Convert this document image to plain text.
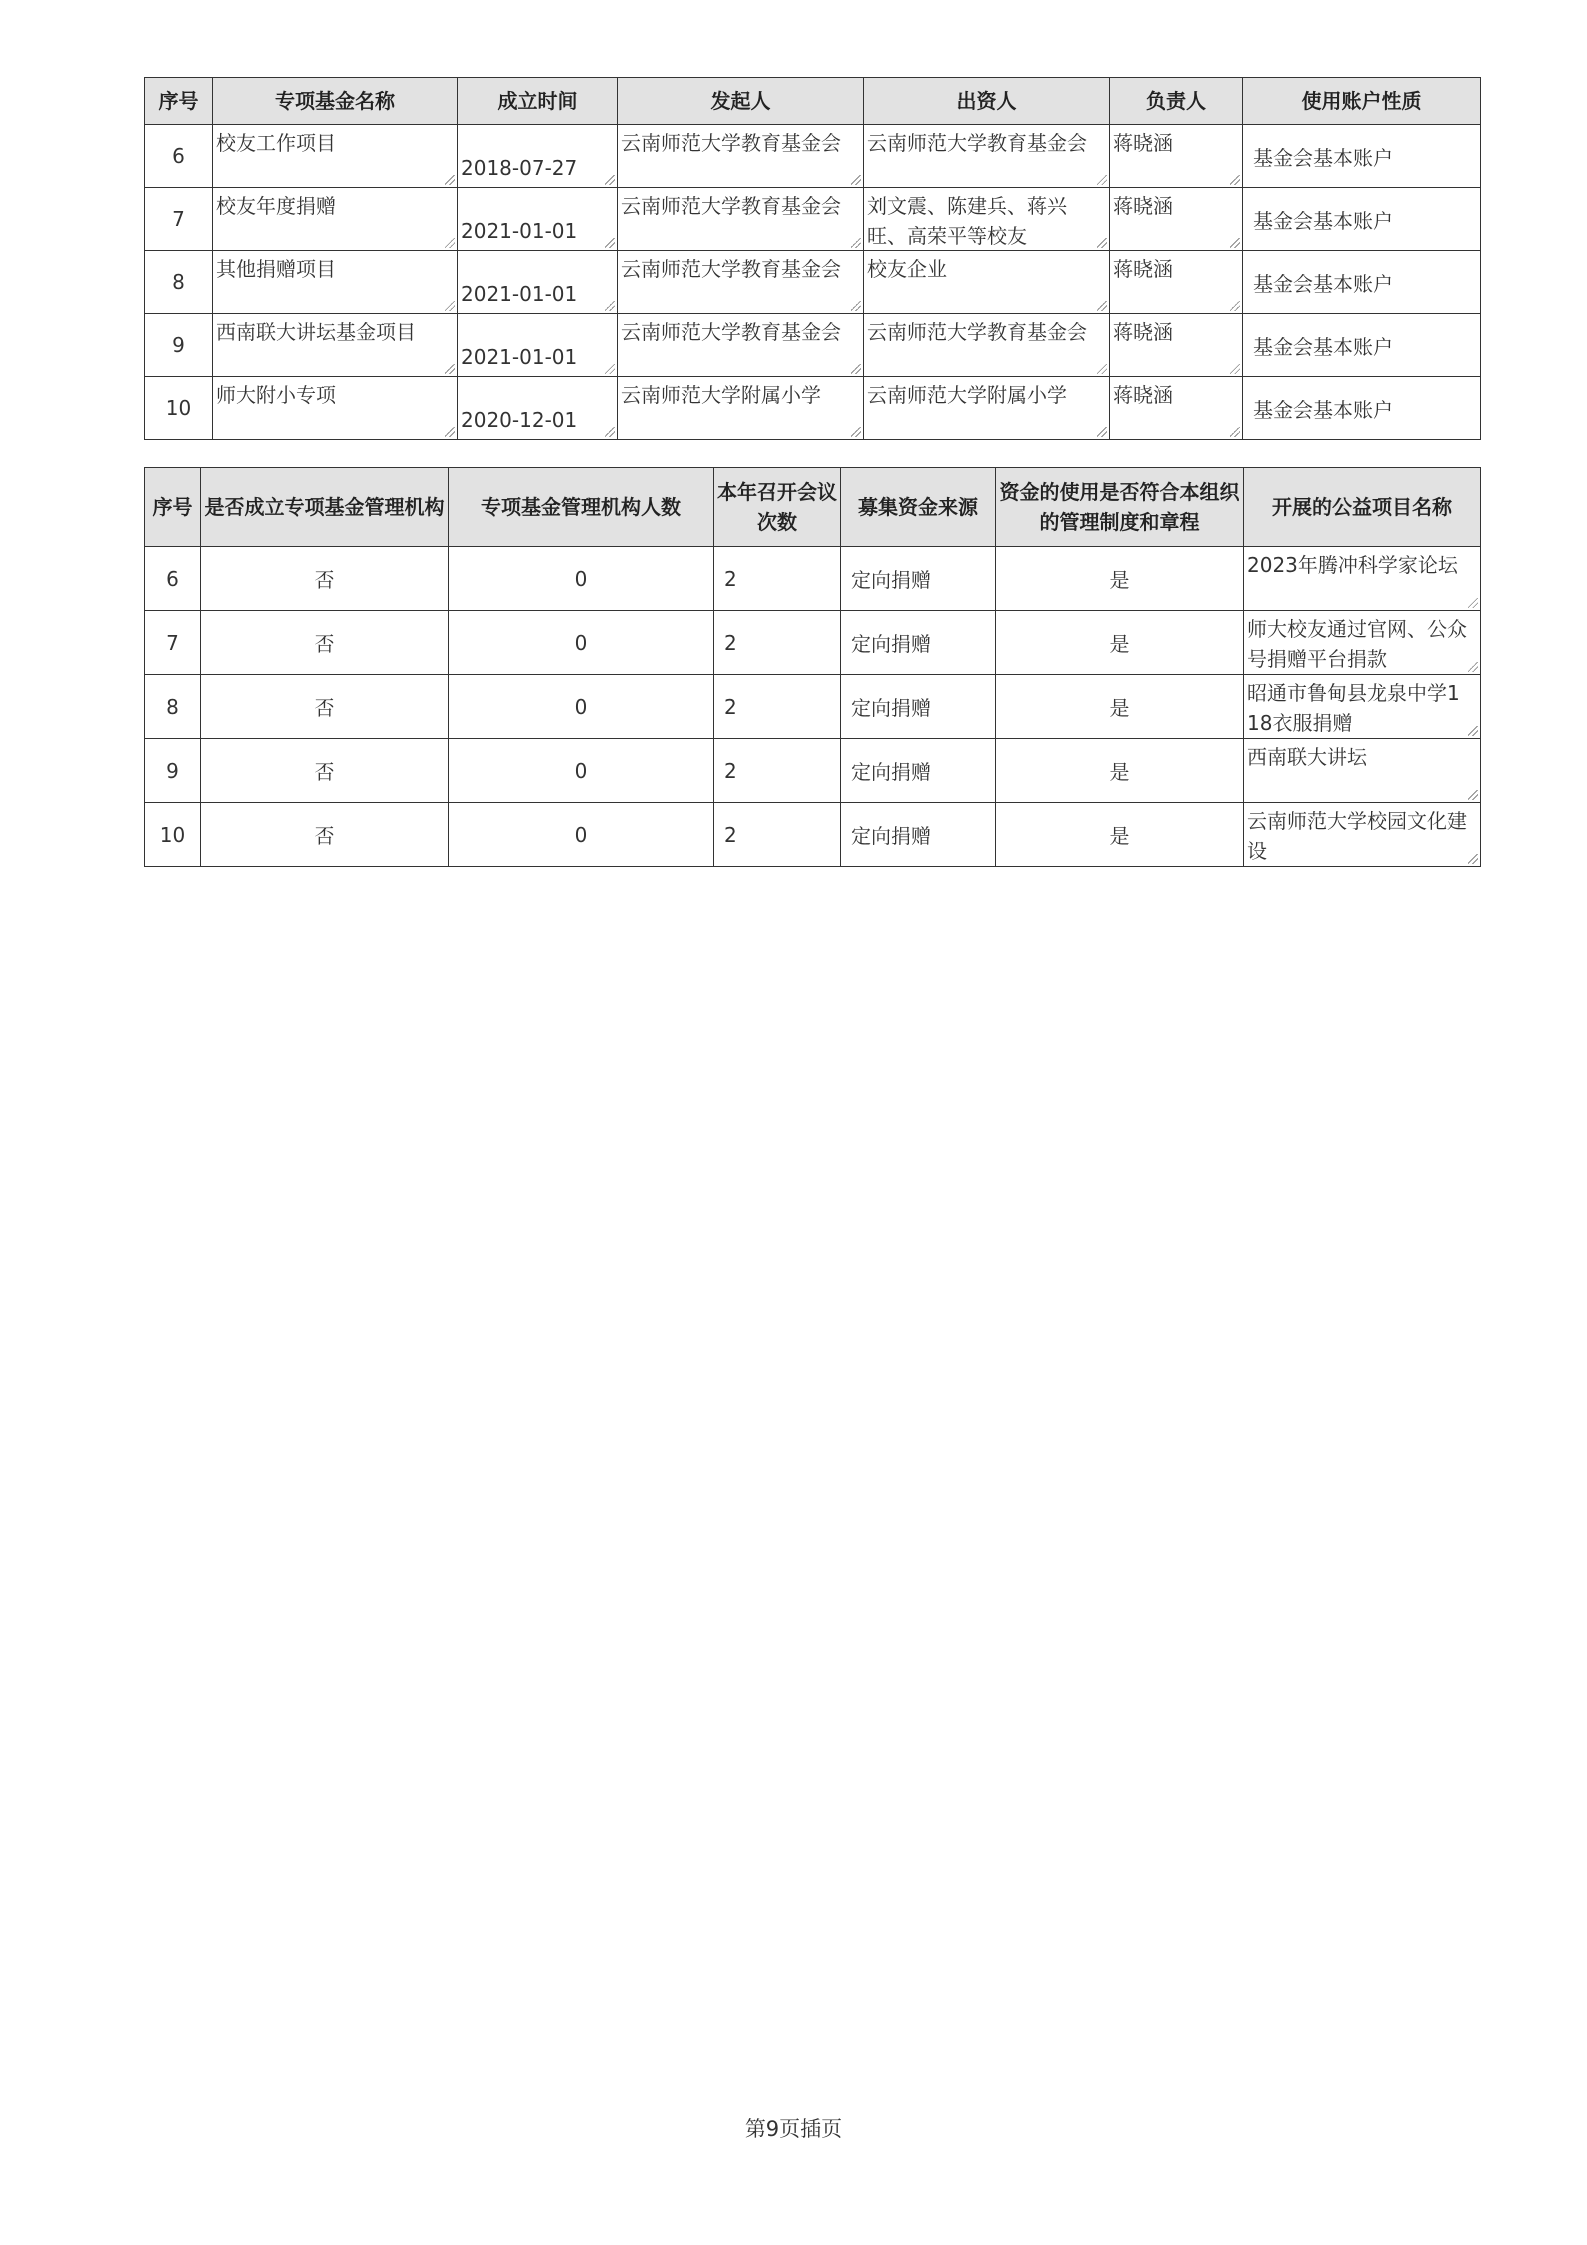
序号	专项基金名称	成立时间	发起人	出资人	负责人	使用账户性质
6	校友工作项目	2018-07-27	云南师范大学教育基金会	云南师范大学教育基金会	蒋晓涵	基金会基本账户
7	校友年度捐赠	2021-01-01	云南师范大学教育基金会	刘文震、陈建兵、蒋兴旺、高荣平等校友	蒋晓涵	基金会基本账户
8	其他捐赠项目	2021-01-01	云南师范大学教育基金会	校友企业	蒋晓涵	基金会基本账户
9	西南联大讲坛基金项目	2021-01-01	云南师范大学教育基金会	云南师范大学教育基金会	蒋晓涵	基金会基本账户
10	师大附小专项	2020-12-01	云南师范大学附属小学	云南师范大学附属小学	蒋晓涵	基金会基本账户
序号	是否成立专项基金管理机构	专项基金管理机构人数	本年召开会议次数	募集资金来源	资金的使用是否符合本组织的管理制度和章程	开展的公益项目名称
6	否	0	2	定向捐赠	是	2023年腾冲科学家论坛

7	否	0	2	定向捐赠	是	师大校友通过官网、公众号捐赠平台捐款

8	否	0	2	定向捐赠	是	昭通市鲁甸县龙泉中学118衣服捐赠

9	否	0	2	定向捐赠	是	西南联大讲坛

10	否	0	2	定向捐赠	是	云南师范大学校园文化建设
第9页插页
